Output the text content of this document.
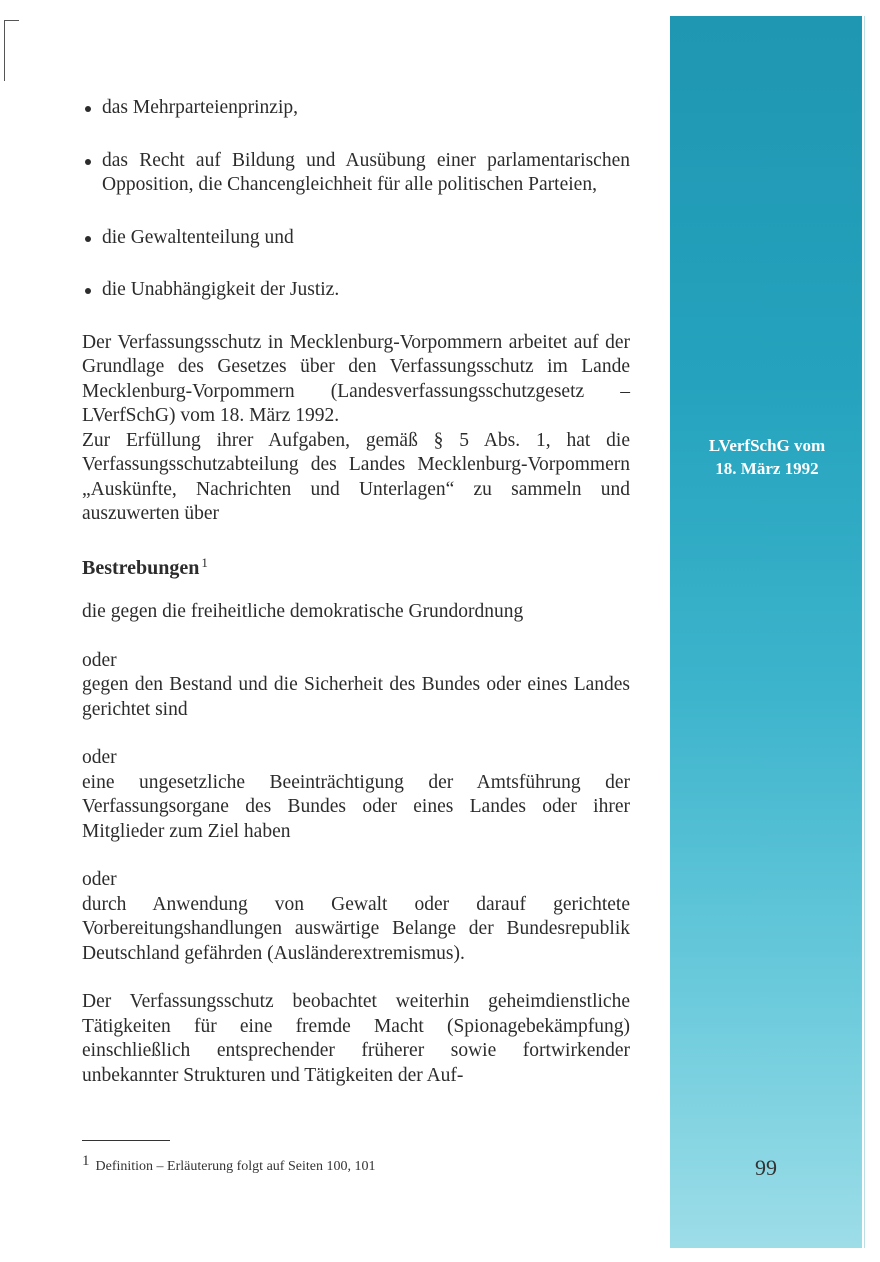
LVerfSchG vom
18. März 1992
das Mehrparteienprinzip,
das Recht auf Bildung und Ausübung einer parlamentarischen Opposition, die Chancengleichheit für alle politischen Parteien,
die Gewaltenteilung und
die Unabhängigkeit der Justiz.

Der Verfassungsschutz in Mecklenburg-Vorpommern arbeitet auf der Grundlage des Gesetzes über den Verfassungsschutz im Lande Mecklenburg-Vorpommern (Landesverfassungsschutzgesetz – LVerfSchG) vom 18. März 1992.

Zur Erfüllung ihrer Aufgaben, gemäß § 5 Abs. 1, hat die Verfassungsschutzabteilung des Landes Mecklenburg-Vorpommern „Auskünfte, Nachrichten und Unterlagen“ zu sammeln und auszuwerten über

Bestrebungen $^1$

die gegen die freiheitliche demokratische Grundordnung

oder

gegen den Bestand und die Sicherheit des Bundes oder eines Landes gerichtet sind

oder

eine ungesetzliche Beeinträchtigung der Amtsführung der Verfassungsorgane des Bundes oder eines Landes oder ihrer Mitglieder zum Ziel haben

oder

durch Anwendung von Gewalt oder darauf gerichtete Vorbereitungshandlungen auswärtige Belange der Bundesrepublik Deutschland gefährden (Ausländerextremismus).

Der Verfassungsschutz beobachtet weiterhin geheimdienstliche Tätigkeiten für eine fremde Macht (Spionagebekämpfung) einschließlich entsprechender früherer sowie fortwirkender unbekannter Strukturen und Tätigkeiten der Auf-

1 Definition – Erläuterung folgt auf Seiten 100, 101	99
